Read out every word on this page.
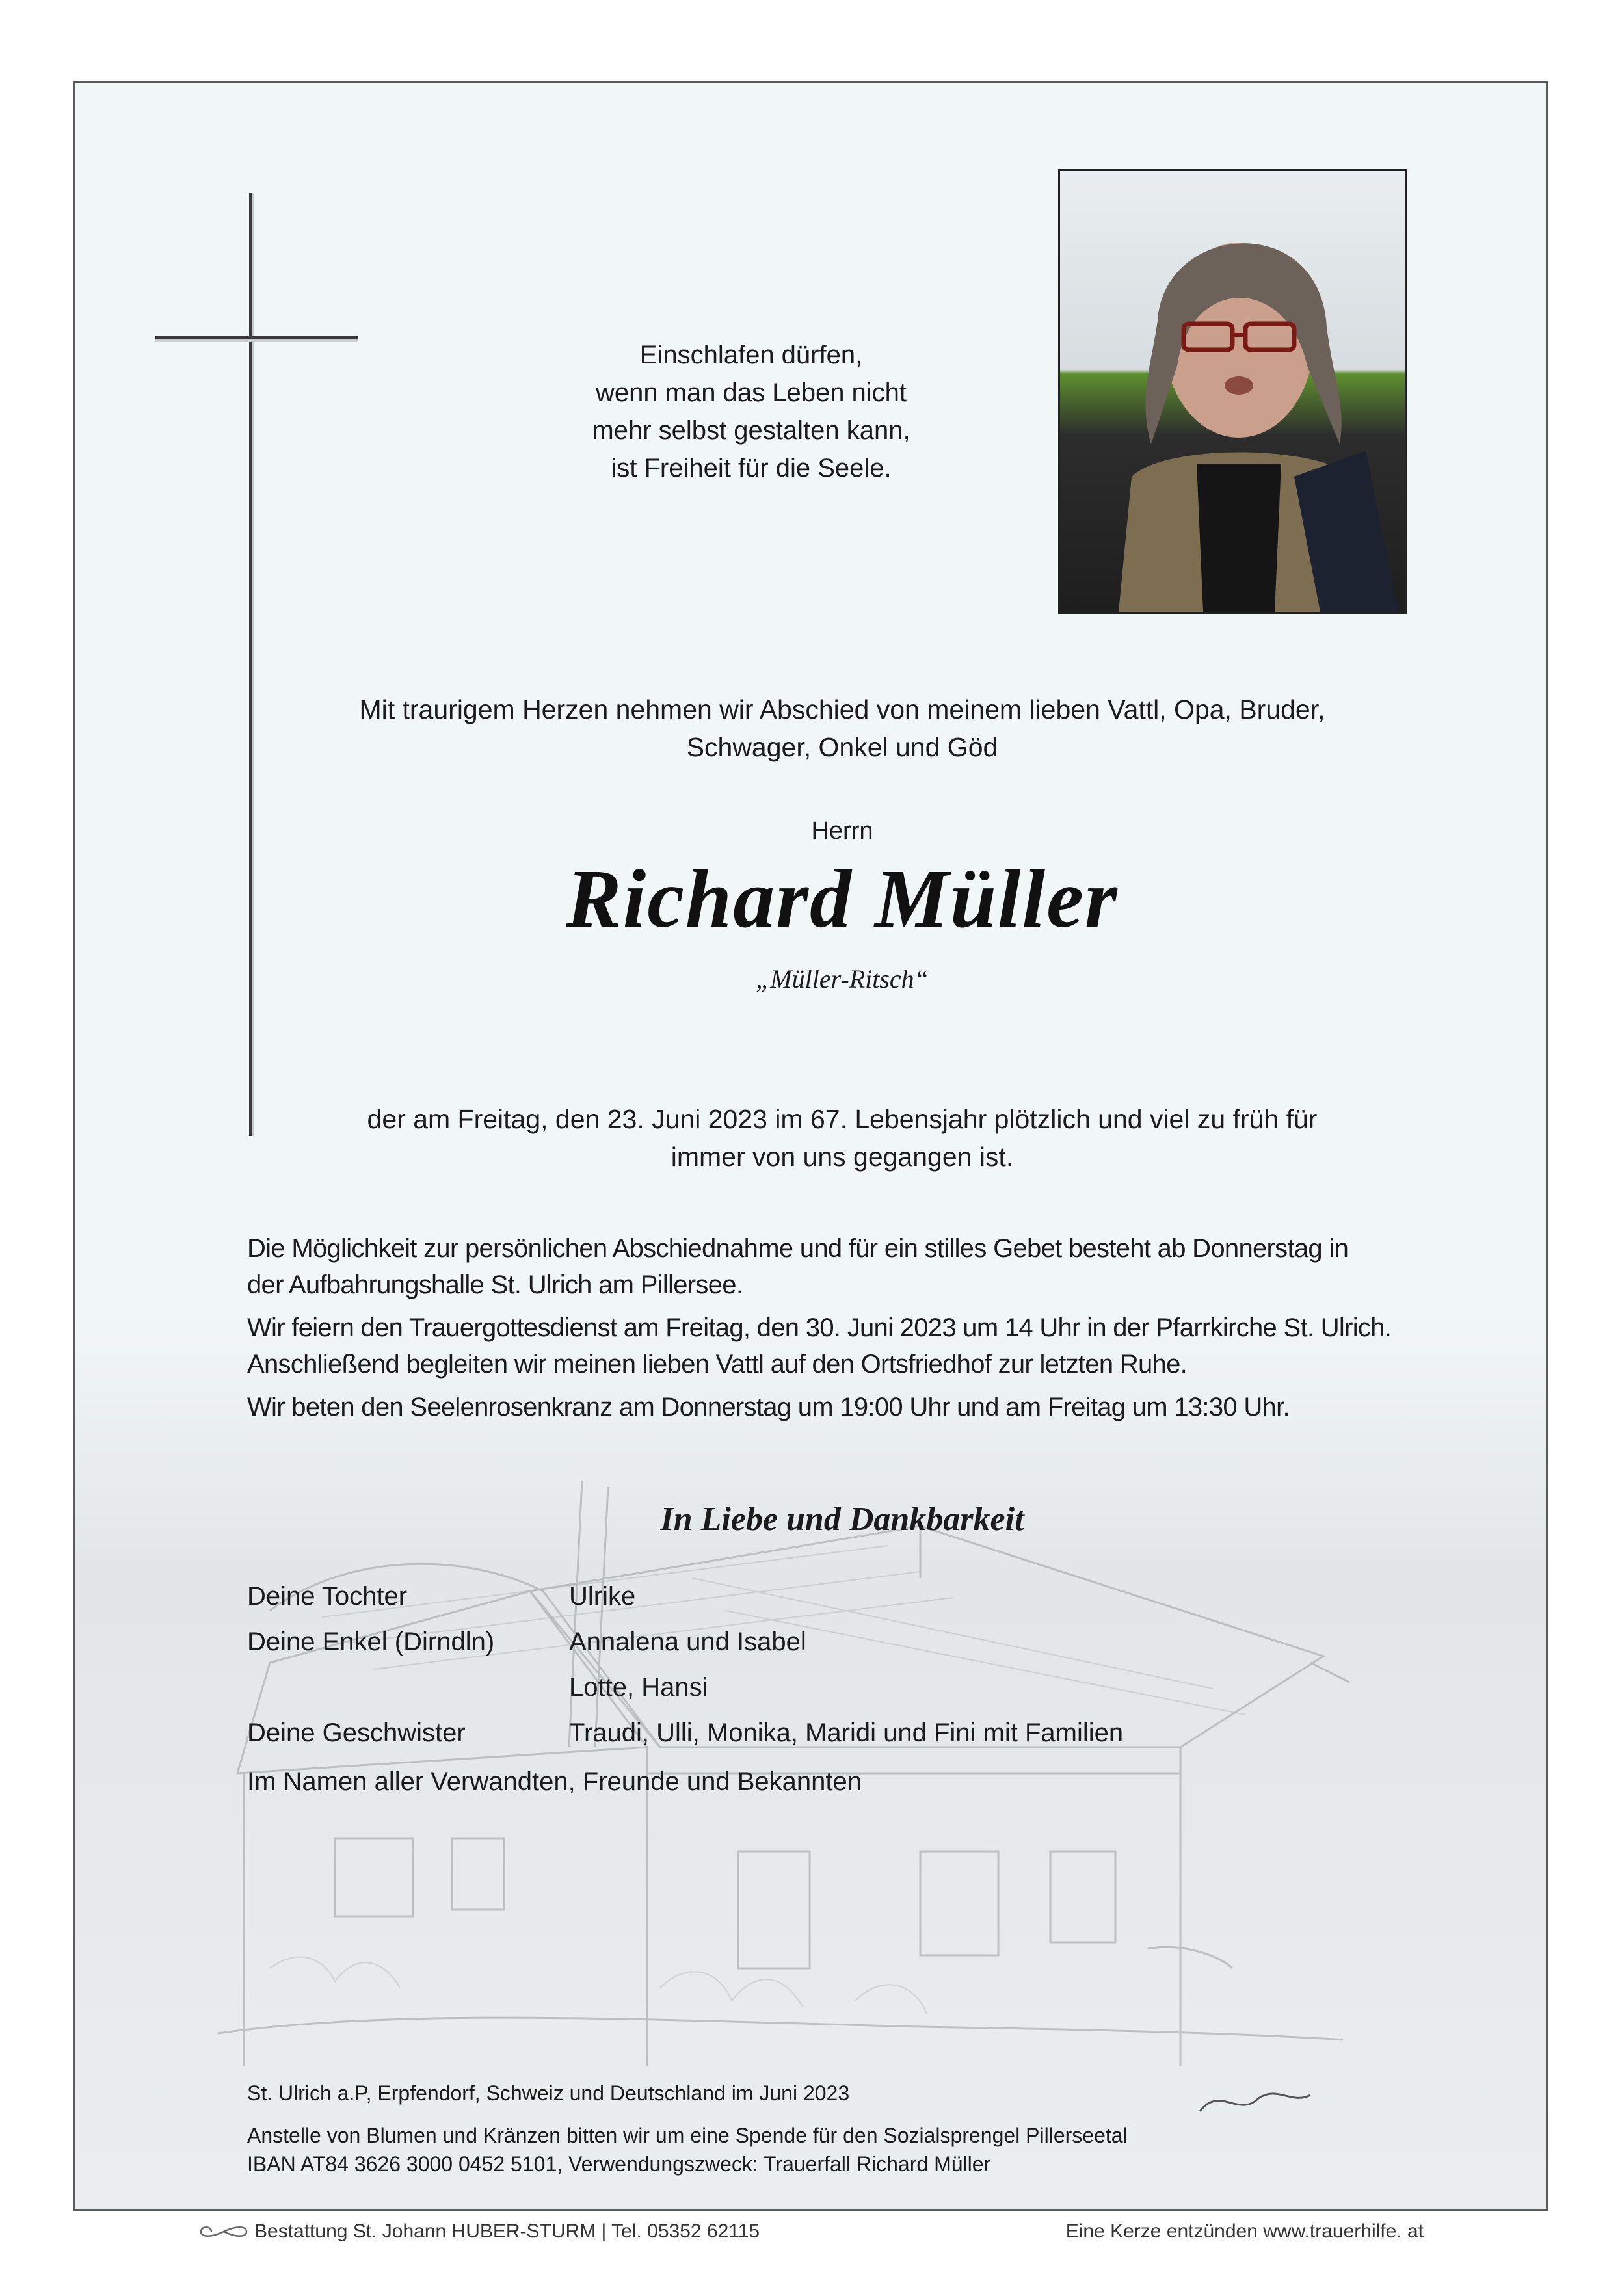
Einschlafen dürfen,
wenn man das Leben nicht
mehr selbst gestalten kann,
ist Freiheit für die Seele.
Mit traurigem Herzen nehmen wir Abschied von meinem lieben Vattl, Opa, Bruder,
Schwager, Onkel und Göd
Herrn
Richard Müller
„Müller-Ritsch“
der am Freitag, den 23. Juni 2023 im 67. Lebensjahr plötzlich und viel zu früh für
immer von uns gegangen ist.

Die Möglichkeit zur persönlichen Abschiednahme und für ein stilles Gebet besteht ab Donnerstag in
der Aufbahrungshalle St. Ulrich am Pillersee.

Wir feiern den Trauergottesdienst am Freitag, den 30. Juni 2023 um 14 Uhr in der Pfarrkirche St. Ulrich.
Anschließend begleiten wir meinen lieben Vattl auf den Ortsfriedhof zur letzten Ruhe.

Wir beten den Seelenrosenkranz am Donnerstag um 19:00 Uhr und am Freitag um 13:30 Uhr.

In Liebe und Dankbarkeit
Deine Tochter	Ulrike
Deine Enkel (Dirndln)	Annalena und Isabel
Lotte, Hansi
Deine Geschwister	Traudi, Ulli, Monika, Maridi und Fini mit Familien
Im Namen aller Verwandten, Freunde und Bekannten
St. Ulrich a.P, Erpfendorf, Schweiz und Deutschland im Juni 2023
Anstelle von Blumen und Kränzen bitten wir um eine Spende für den Sozialsprengel Pillerseetal
IBAN AT84 3626 3000 0452 5101, Verwendungszweck: Trauerfall Richard Müller
Bestattung St. Johann HUBER-STURM | Tel. 05352 62115	Eine Kerze entzünden www.trauerhilfe. at
